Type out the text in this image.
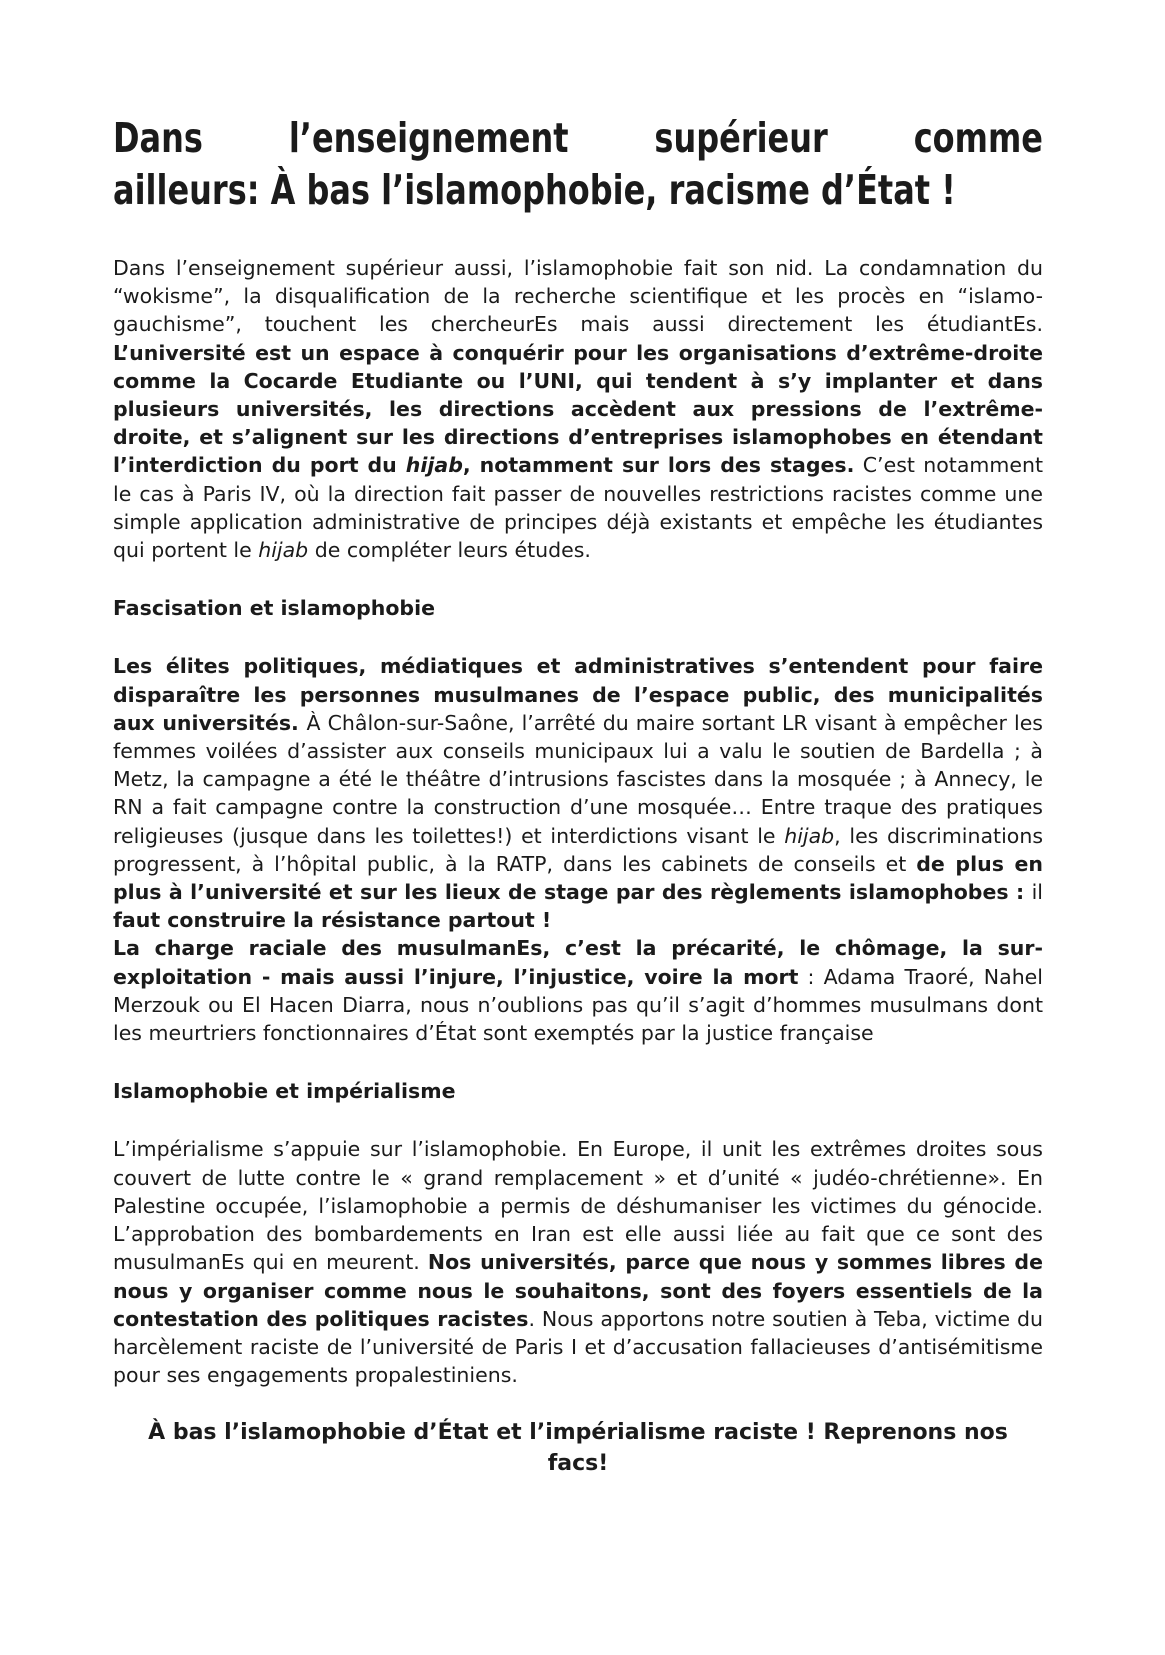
Dans l’enseignement supérieur comme
ailleurs: À bas l’islamophobie, racisme d’État !

Dans l’enseignement supérieur aussi, l’islamophobie fait son nid. La condamnation du “wokisme”, la disqualification de la recherche scientifique et les procès en “islamo-gauchisme”, touchent les chercheurEs mais aussi directement les étudiantEs. L’université est un espace à conquérir pour les organisations d’extrême-droite comme la Cocarde Etudiante ou l’UNI, qui tendent à s’y implanter et dans plusieurs universités, les directions accèdent aux pressions de l’extrême-droite, et s’alignent sur les directions d’entreprises islamophobes en étendant l’interdiction du port du hijab, notamment sur lors des stages. C’est notamment le cas à Paris IV, où la direction fait passer de nouvelles restrictions racistes comme une simple application administrative de principes déjà existants et empêche les étudiantes qui portent le hijab de compléter leurs études.

Fascisation et islamophobie

Les élites politiques, médiatiques et administratives s’entendent pour faire disparaître les personnes musulmanes de l’espace public, des municipalités aux universités. À Châlon-sur-Saône, l’arrêté du maire sortant LR visant à empêcher les femmes voilées d’assister aux conseils municipaux lui a valu le soutien de Bardella ; à Metz, la campagne a été le théâtre d’intrusions fascistes dans la mosquée ; à Annecy, le RN a fait campagne contre la construction d’une mosquée… Entre traque des pratiques religieuses (jusque dans les toilettes!) et interdictions visant le hijab, les discriminations progressent, à l’hôpital public, à la RATP, dans les cabinets de conseils et de plus en plus à l’université et sur les lieux de stage par des règlements islamophobes : il faut construire la résistance partout !

La charge raciale des musulmanEs, c’est la précarité, le chômage, la sur-exploitation - mais aussi l’injure, l’injustice, voire la mort : Adama Traoré, Nahel Merzouk ou El Hacen Diarra, nous n’oublions pas qu’il s’agit d’hommes musulmans dont les meurtriers fonctionnaires d’État sont exemptés par la justice française

Islamophobie et impérialisme

L’impérialisme s’appuie sur l’islamophobie. En Europe, il unit les extrêmes droites sous couvert de lutte contre le « grand remplacement » et d’unité « judéo-chrétienne». En Palestine occupée, l’islamophobie a permis de déshumaniser les victimes du génocide. L’approbation des bombardements en Iran est elle aussi liée au fait que ce sont des musulmanEs qui en meurent. Nos universités, parce que nous y sommes libres de nous y organiser comme nous le souhaitons, sont des foyers essentiels de la contestation des politiques racistes. Nous apportons notre soutien à Teba, victime du harcèlement raciste de l’université de Paris I et d’accusation fallacieuses d’antisémitisme pour ses engagements propalestiniens.

À bas l’islamophobie d’État et l’impérialisme raciste ! Reprenons nos
facs!
